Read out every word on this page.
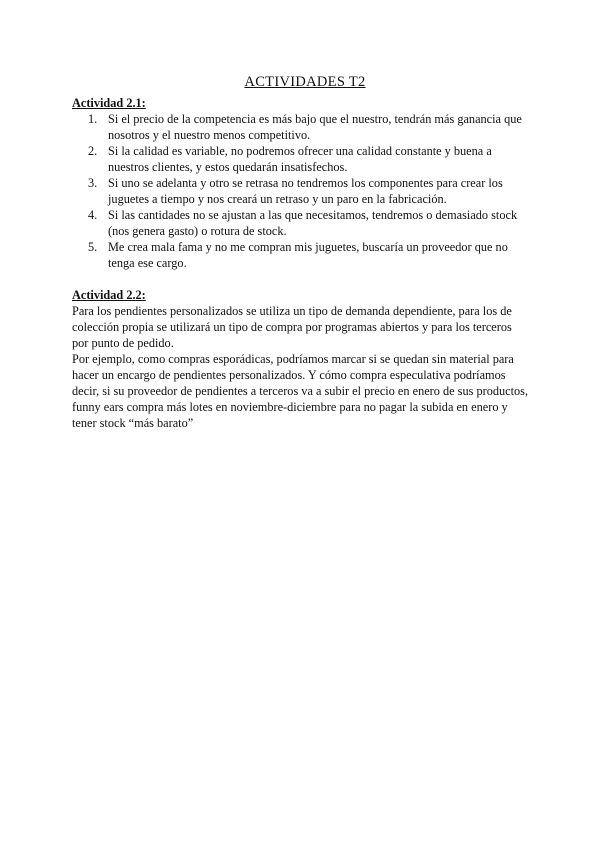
ACTIVIDADES T2

Actividad 2.1:

1. Si el precio de la competencia es más bajo que el nuestro, tendrán más ganancia que nosotros y el nuestro menos competitivo.
2. Si la calidad es variable, no podremos ofrecer una calidad constante y buena a nuestros clientes, y estos quedarán insatisfechos.
3. Si uno se adelanta y otro se retrasa no tendremos los componentes para crear los juguetes a tiempo y nos creará un retraso y un paro en la fabricación.
4. Si las cantidades no se ajustan a las que necesitamos, tendremos o demasiado stock (nos genera gasto) o rotura de stock.
5. Me crea mala fama y no me compran mis juguetes, buscaría un proveedor que no tenga ese cargo.

Actividad 2.2:

Para los pendientes personalizados se utiliza un tipo de demanda dependiente, para los de colección propia se utilizará un tipo de compra por programas abiertos y para los terceros por punto de pedido.

Por ejemplo, como compras esporádicas, podríamos marcar si se quedan sin material para hacer un encargo de pendientes personalizados. Y cómo compra especulativa podríamos decir, si su proveedor de pendientes a terceros va a subir el precio en enero de sus productos, funny ears compra más lotes en noviembre-diciembre para no pagar la subida en enero y tener stock “más barato”
